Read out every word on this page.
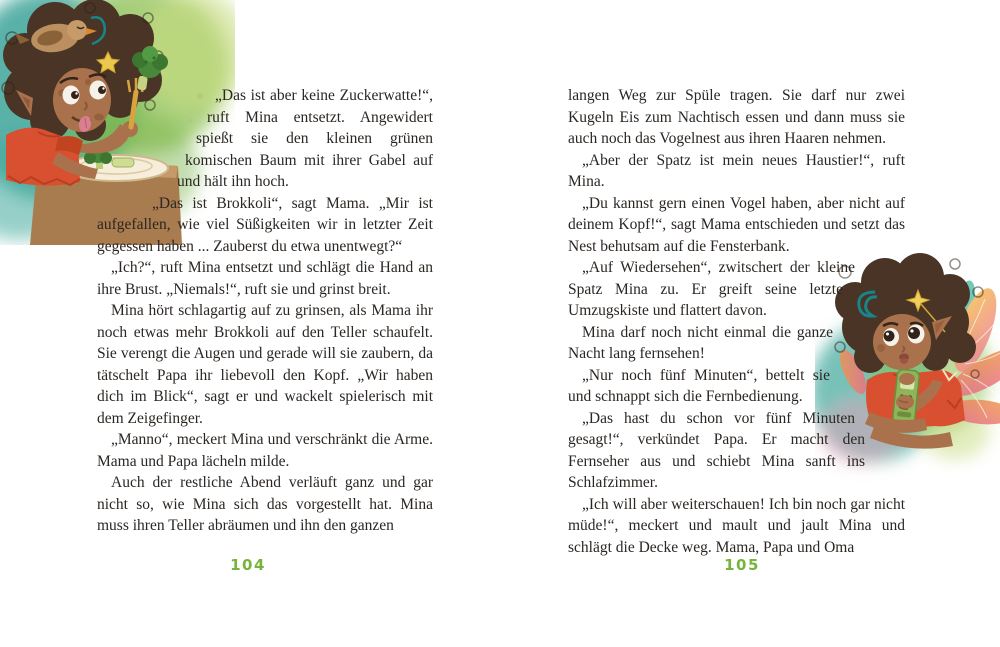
„Das ist aber keine Zuckerwatte!“, ruft Mina entsetzt. Angewidert spießt sie den kleinen grünen komischen Baum mit ihrer Gabel auf und hält ihn hoch.

„Das ist Brokkoli“, sagt Mama. „Mir ist aufgefallen, wie viel Süßigkeiten wir in letzter Zeit gegessen haben ... Zauberst du etwa unentwegt?“

„Ich?“, ruft Mina entsetzt und schlägt die Hand an ihre Brust. „Niemals!“, ruft sie und grinst breit.

Mina hört schlagartig auf zu grinsen, als Mama ihr noch etwas mehr Brokkoli auf den Teller schaufelt. Sie verengt die Augen und gerade will sie zaubern, da tätschelt Papa ihr liebevoll den Kopf. „Wir haben dich im Blick“, sagt er und wackelt spielerisch mit dem Zeigefinger.

„Manno“, meckert Mina und verschränkt die Arme. Mama und Papa lächeln milde.

Auch der restliche Abend verläuft ganz und gar nicht so, wie Mina sich das vorgestellt hat. Mina muss ihren Teller abräumen und ihn den ganzen

langen Weg zur Spüle tragen. Sie darf nur zwei Kugeln Eis zum Nachtisch essen und dann muss sie auch noch das Vogelnest aus ihren Haaren nehmen.

„Aber der Spatz ist mein neues Haustier!“, ruft Mina.

„Du kannst gern einen Vogel haben, aber nicht auf deinem Kopf!“, sagt Mama entschieden und setzt das Nest behutsam auf die Fensterbank.

„Auf Wiedersehen“, zwitschert der kleine Spatz Mina zu. Er greift seine letzte Umzugskiste und flattert davon.

Mina darf noch nicht einmal die ganze Nacht lang fernsehen!

„Nur noch fünf Minuten“, bettelt sie und schnappt sich die Fernbedienung.

„Das hast du schon vor fünf Minuten gesagt!“, verkündet Papa. Er macht den Fernseher aus und schiebt Mina sanft ins Schlafzimmer.

„Ich will aber weiterschauen! Ich bin noch gar nicht müde!“, meckert und mault und jault Mina und schlägt die Decke weg. Mama, Papa und Oma

104	105
